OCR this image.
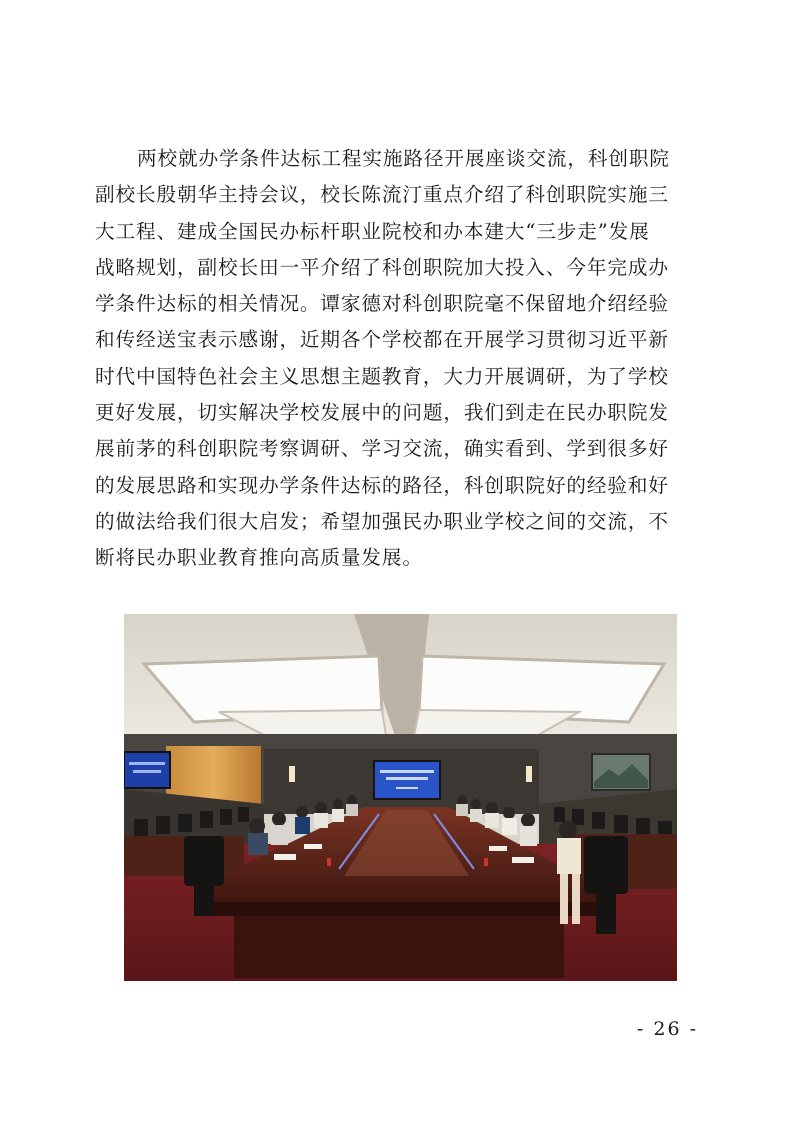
两校就办学条件达标工程实施路径开展座谈交流，科创职院
副校长殷朝华主持会议，校长陈流汀重点介绍了科创职院实施三
大工程、建成全国民办标杆职业院校和办本建大“三步走”发展
战略规划，副校长田一平介绍了科创职院加大投入、今年完成办
学条件达标的相关情况。谭家德对科创职院毫不保留地介绍经验
和传经送宝表示感谢，近期各个学校都在开展学习贯彻习近平新
时代中国特色社会主义思想主题教育，大力开展调研，为了学校
更好发展，切实解决学校发展中的问题，我们到走在民办职院发
展前茅的科创职院考察调研、学习交流，确实看到、学到很多好
的发展思路和实现办学条件达标的路径，科创职院好的经验和好
的做法给我们很大启发；希望加强民办职业学校之间的交流，不
断将民办职业教育推向高质量发展。

- 26 -
